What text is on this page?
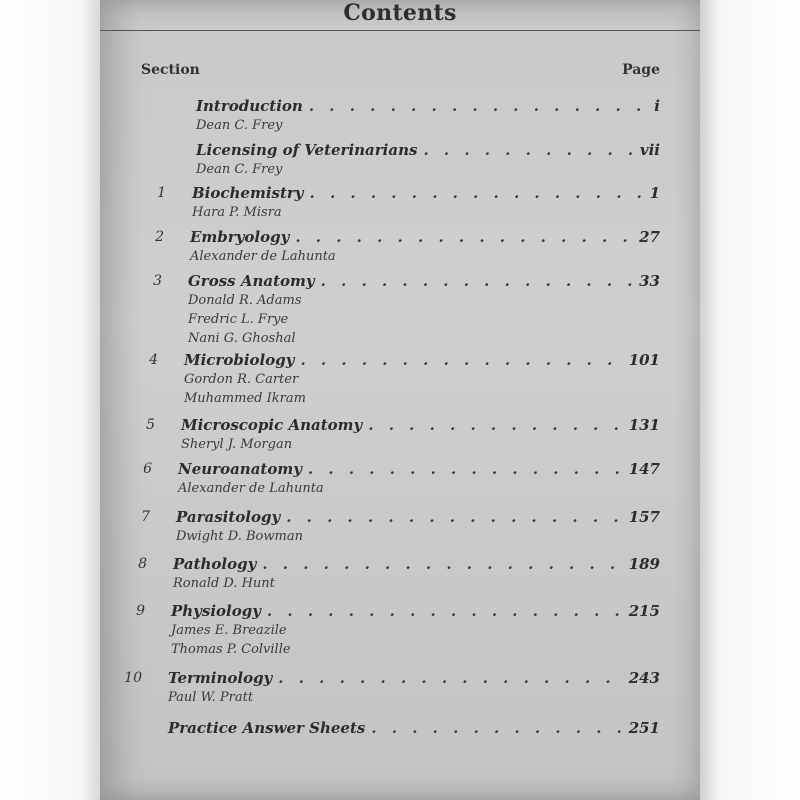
Contents
Section	Page
Introduction . . .	i
Dean C. Frey
Licensing of Veterinarians . . .	vii
Dean C. Frey
1 Biochemistry . . .	1
Hara P. Misra
2 Embryology . . .	27
Alexander de Lahunta
3 Gross Anatomy . . .	33
Donald R. Adams
Fredric L. Frye
Nani G. Ghoshal
4 Microbiology . . .	101
Gordon R. Carter
Muhammed Ikram
5 Microscopic Anatomy . . .	131
Sheryl J. Morgan
6 Neuroanatomy . . .	147
Alexander de Lahunta
7 Parasitology . . .	157
Dwight D. Bowman
8 Pathology . . .	189
Ronald D. Hunt
9 Physiology . . .	215
James E. Breazile
Thomas P. Colville
10 Terminology . . .	243
Paul W. Pratt
Practice Answer Sheets . . .	251
